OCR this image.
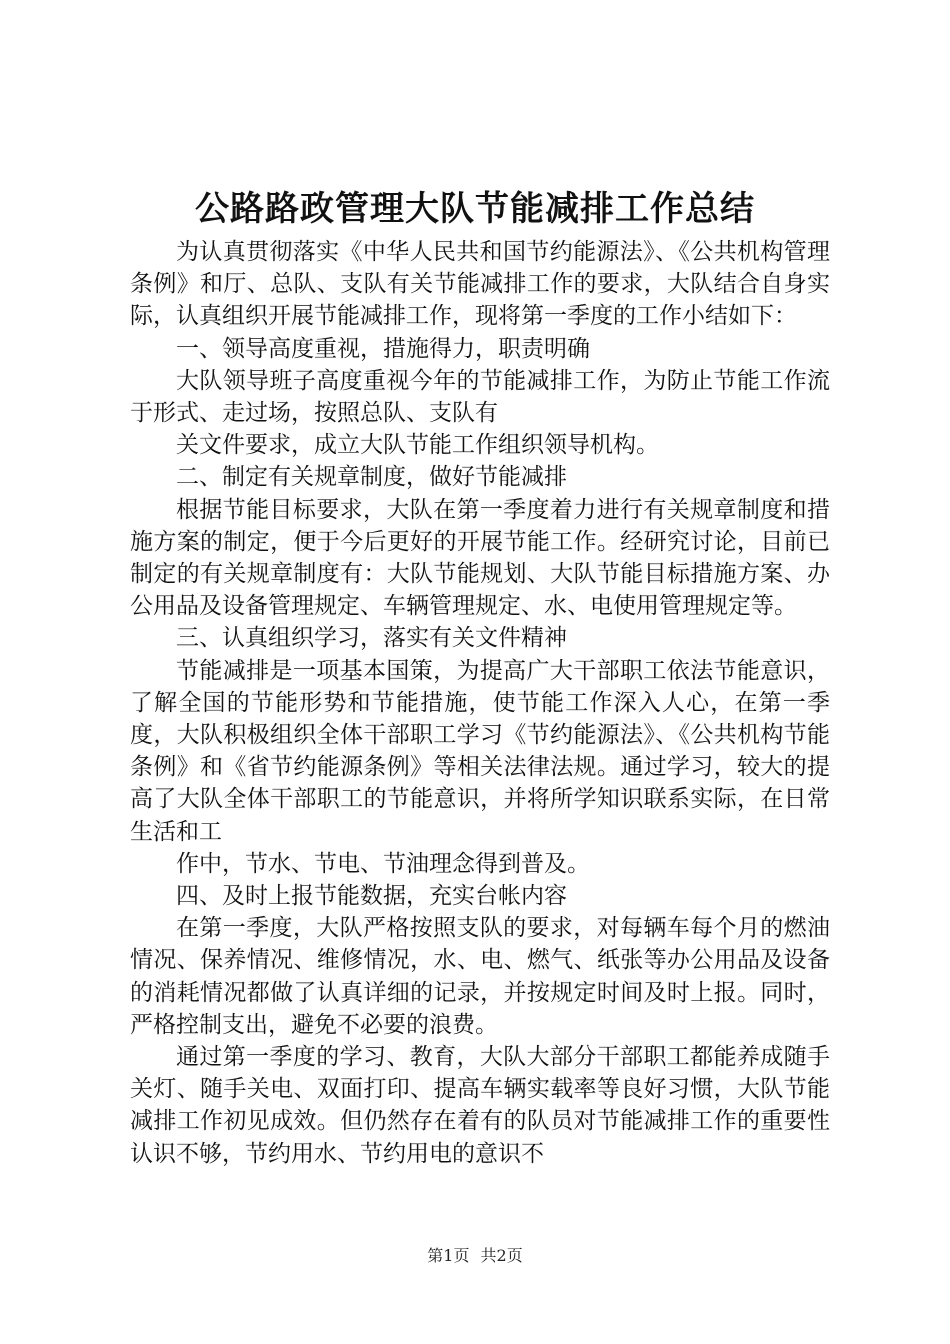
公路路政管理大队节能减排工作总结

为认真贯彻落实《中华人民共和国节约能源法》、《公共机构管理条例》和厅、总队、支队有关节能减排工作的要求，大队结合自身实际，认真组织开展节能减排工作，现将第一季度的工作小结如下：

一、领导高度重视，措施得力，职责明确

大队领导班子高度重视今年的节能减排工作，为防止节能工作流于形式、走过场，按照总队、支队有

关文件要求，成立大队节能工作组织领导机构。

二、制定有关规章制度，做好节能减排

根据节能目标要求，大队在第一季度着力进行有关规章制度和措施方案的制定，便于今后更好的开展节能工作。经研究讨论，目前已制定的有关规章制度有：大队节能规划、大队节能目标措施方案、办公用品及设备管理规定、车辆管理规定、水、电使用管理规定等。

三、认真组织学习，落实有关文件精神

节能减排是一项基本国策，为提高广大干部职工依法节能意识，了解全国的节能形势和节能措施，使节能工作深入人心，在第一季度，大队积极组织全体干部职工学习《节约能源法》、《公共机构节能条例》和《省节约能源条例》等相关法律法规。通过学习，较大的提高了大队全体干部职工的节能意识，并将所学知识联系实际，在日常生活和工

作中，节水、节电、节油理念得到普及。

四、及时上报节能数据，充实台帐内容

在第一季度，大队严格按照支队的要求，对每辆车每个月的燃油情况、保养情况、维修情况，水、电、燃气、纸张等办公用品及设备的消耗情况都做了认真详细的记录，并按规定时间及时上报。同时，严格控制支出，避免不必要的浪费。

通过第一季度的学习、教育，大队大部分干部职工都能养成随手关灯、随手关电、双面打印、提高车辆实载率等良好习惯，大队节能减排工作初见成效。但仍然存在着有的队员对节能减排工作的重要性认识不够，节约用水、节约用电的意识不

第1页 共2页
